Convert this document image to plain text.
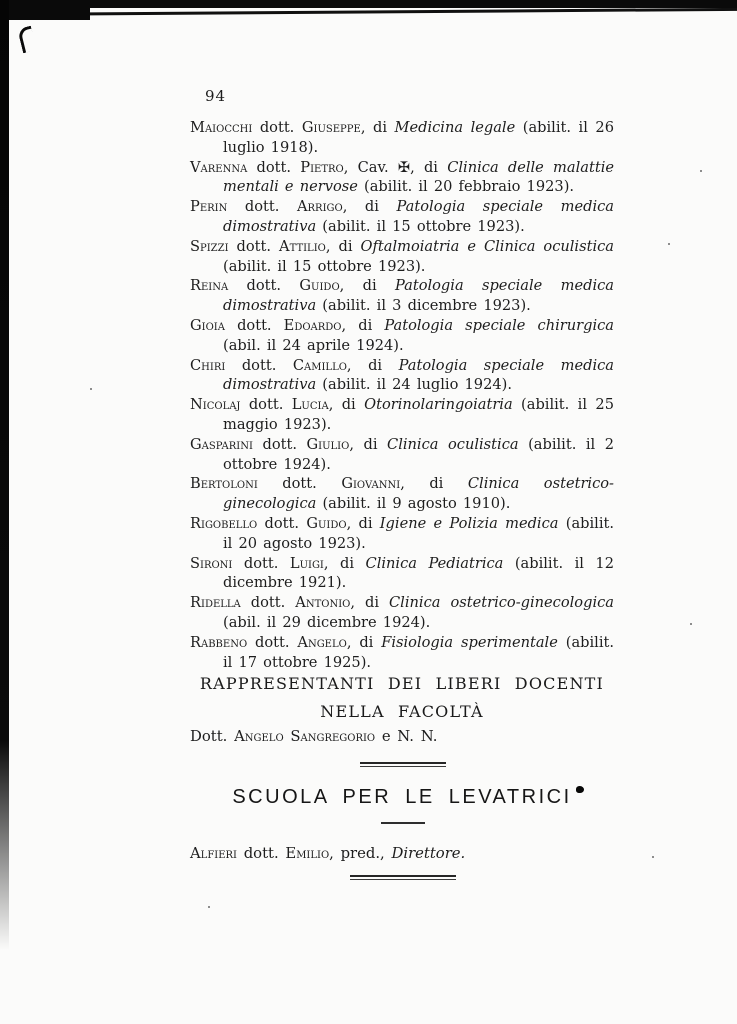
94

Maiocchi dott. Giuseppe, di Medicina legale (abilit. il 26 luglio 1918).

Varenna dott. Pietro, Cav. ✠, di Clinica delle malattie mentali e nervose (abilit. il 20 febbraio 1923).

Perin dott. Arrigo, di Patologia speciale medica dimostrativa (abilit. il 15 ottobre 1923).

Spizzi dott. Attilio, di Oftalmoiatria e Clinica oculistica (abilit. il 15 ottobre 1923).

Reina dott. Guido, di Patologia speciale medica dimostrativa (abilit. il 3 dicembre 1923).

Gioia dott. Edoardo, di Patologia speciale chirurgica (abil. il 24 aprile 1924).

Chiri dott. Camillo, di Patologia speciale medica dimostrativa (abilit. il 24 luglio 1924).

Nicolaj dott. Lucia, di Otorinolaringoiatria (abilit. il 25 maggio 1923).

Gasparini dott. Giulio, di Clinica oculistica (abilit. il 2 ottobre 1924).

Bertoloni dott. Giovanni, di Clinica ostetrico-ginecologica (abilit. il 9 agosto 1910).

Rigobello dott. Guido, di Igiene e Polizia medica (abilit. il 20 agosto 1923).

Sironi dott. Luigi, di Clinica Pediatrica (abilit. il 12 dicembre 1921).

Ridella dott. Antonio, di Clinica ostetrico-ginecologica (abil. il 29 dicembre 1924).

Rabbeno dott. Angelo, di Fisiologia sperimentale (abilit. il 17 ottobre 1925).

RAPPRESENTANTI DEI LIBERI DOCENTI
NELLA FACOLTÀ
Dott. Angelo Sangregorio e N. N.
SCUOLA PER LE LEVATRICI
Alfieri dott. Emilio, pred., Direttore.
